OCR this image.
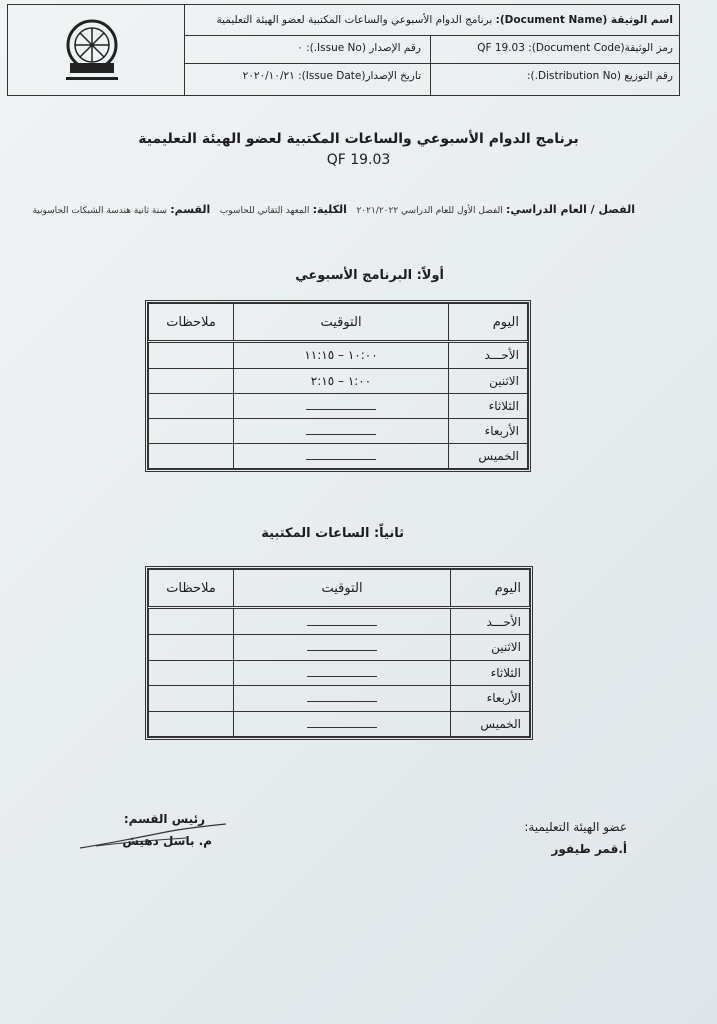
اسم الوثيقة (Document Name): برنامج الدوام الأسبوعي والساعات المكتبية لعضو الهيئة التعليمية
رمز الوثيقة(Document Code): QF 19.03
رقم الإصدار (Issue No.): ٠
رقم التوزيع (Distribution No.):
تاريخ الإصدار(Issue Date): ٢٠٢٠/١٠/٢١
برنامج الدوام الأسبوعي والساعات المكتبية لعضو الهيئة التعليمية
QF 19.03
الفصل / العام الدراسي: الفصل الأول للعام الدراسي ٢٠٢١/٢٠٢٢   الكلية: المعهد التقاني للحاسوب   القسم: سنة ثانية هندسة الشبكات الحاسوبية
أولاً: البرنامج الأسبوعي
اليوم	التوقيت	ملاحظات
الأحـــد	١٠:٠٠ – ١١:١٥	
الاثنين	١:٠٠ – ٢:١٥	
الثلاثاء		
الأربعاء		
الخميس		
ثانياً: الساعات المكتبية
اليوم	التوقيت	ملاحظات
الأحـــد		
الاثنين		
الثلاثاء		
الأربعاء		
الخميس		
عضو الهيئة التعليمية:
أ.قمر طيفور
رئيس القسم:
م. باسل دهيش
